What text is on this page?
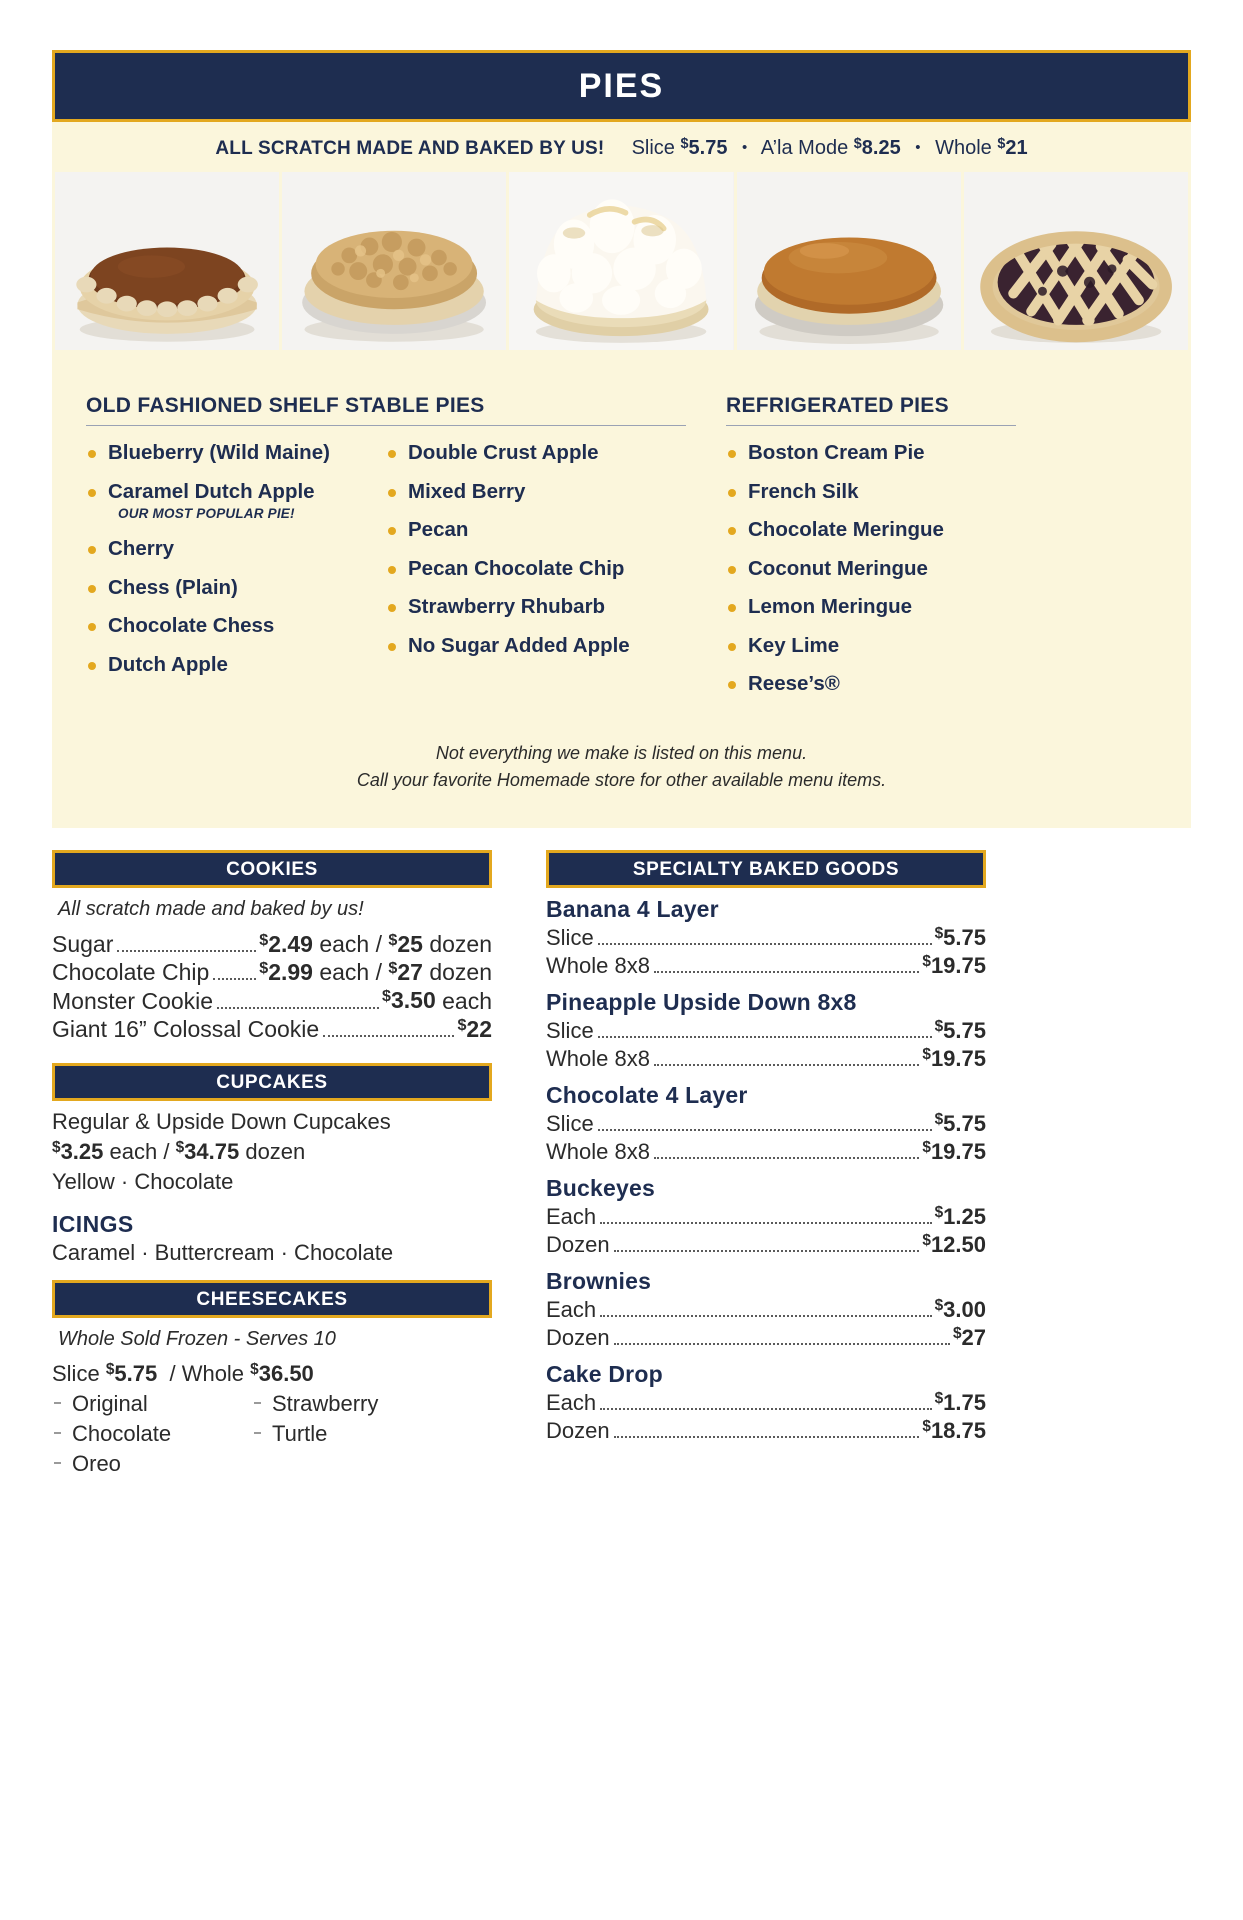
PIES
ALL SCRATCH MADE AND BAKED BY US! Slice $5.75 • A’la Mode $8.25 • Whole $21
OLD FASHIONED SHELF STABLE PIES
Blueberry (Wild Maine)
Caramel Dutch Apple
OUR MOST POPULAR PIE!
Cherry
Chess (Plain)
Chocolate Chess
Dutch Apple
Double Crust Apple
Mixed Berry
Pecan
Pecan Chocolate Chip
Strawberry Rhubarb
No Sugar Added Apple
REFRIGERATED PIES
Boston Cream Pie
French Silk
Chocolate Meringue
Coconut Meringue
Lemon Meringue
Key Lime
Reese’s®
Not everything we make is listed on this menu.
Call your favorite Homemade store for other available menu items.
COOKIES
All scratch made and baked by us!
Sugar	$2.49 each / $25 dozen
Chocolate Chip	$2.99 each / $27 dozen
Monster Cookie	$3.50 each
Giant 16” Colossal Cookie	$22
CUPCAKES
Regular & Upside Down Cupcakes
$3.25 each / $34.75 dozen
Yellow · Chocolate
ICINGS
Caramel · Buttercream · Chocolate
CHEESECAKES
Whole Sold Frozen - Serves 10
Slice $5.75 / Whole $36.50
Original
Chocolate
Oreo
Strawberry
Turtle
SPECIALTY BAKED GOODS
Banana 4 Layer
Slice	$5.75
Whole 8x8	$19.75
Pineapple Upside Down 8x8
Slice	$5.75
Whole 8x8	$19.75
Chocolate 4 Layer
Slice	$5.75
Whole 8x8	$19.75
Buckeyes
Each	$1.25
Dozen	$12.50
Brownies
Each	$3.00
Dozen	$27
Cake Drop
Each	$1.75
Dozen	$18.75
